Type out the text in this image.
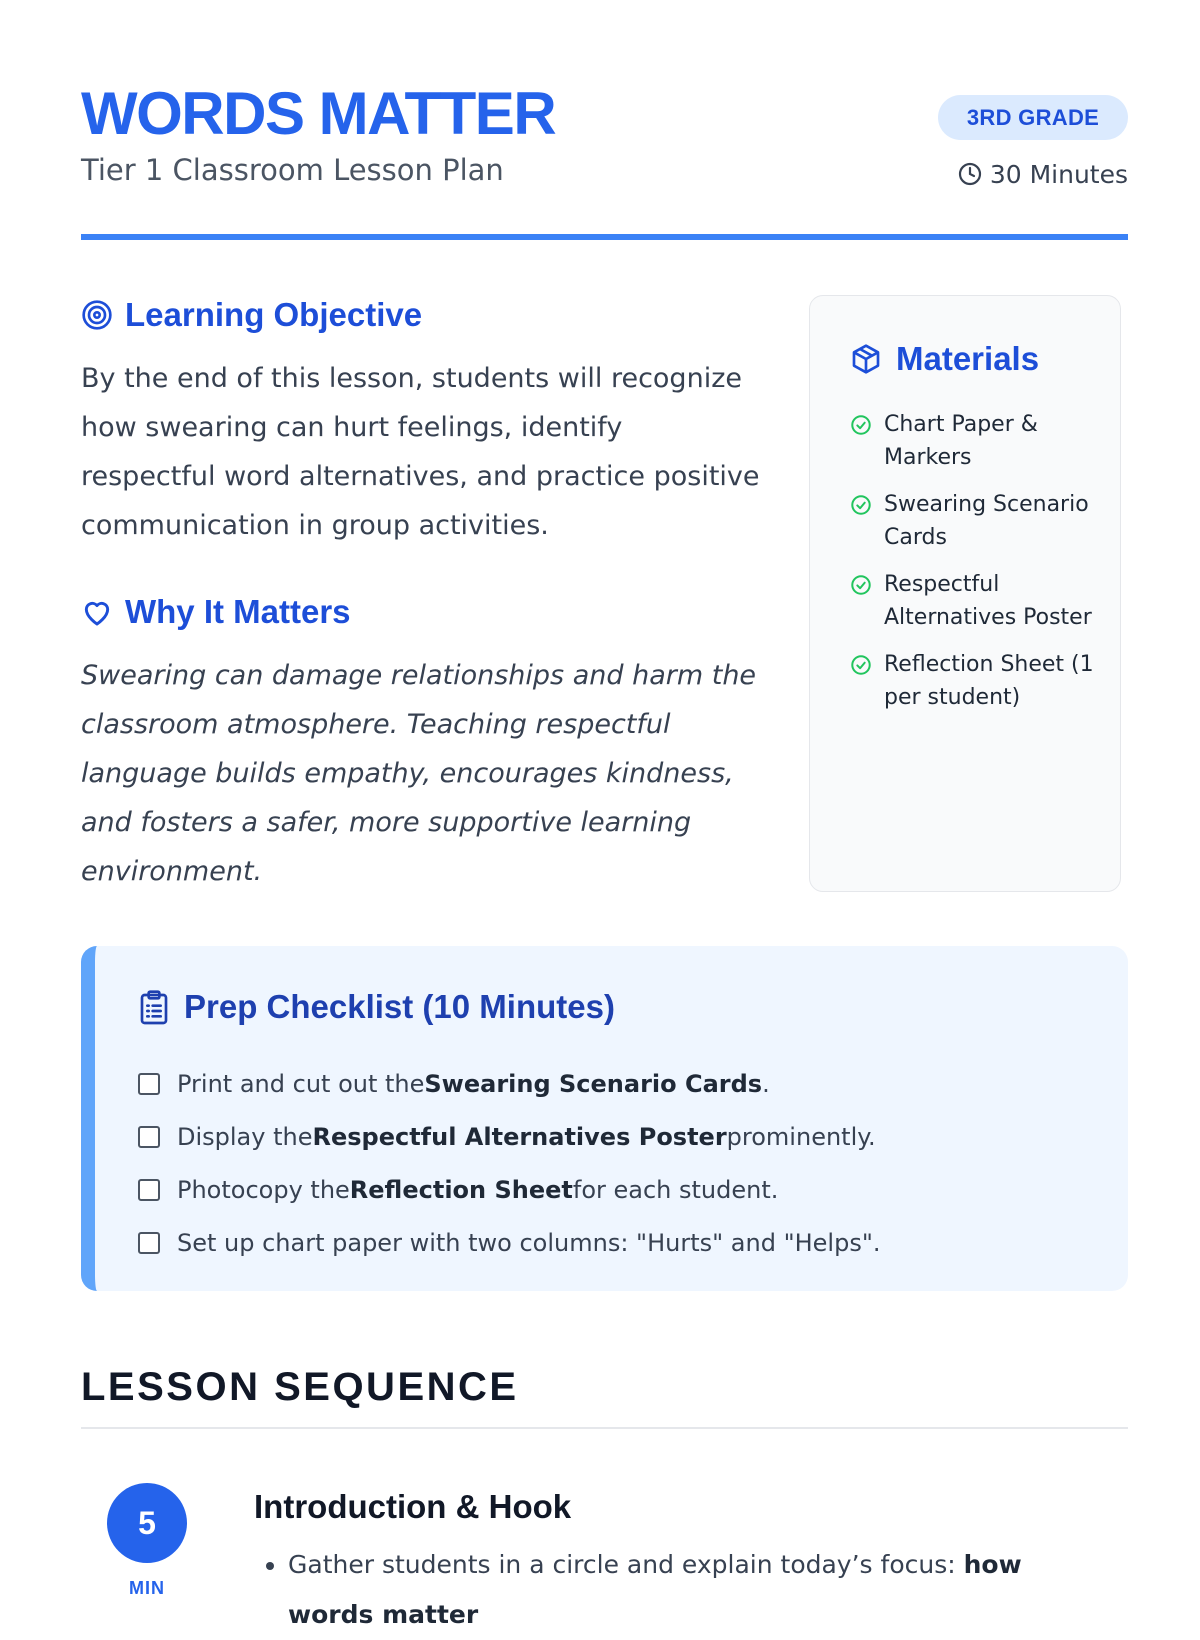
WORDS MATTER
Tier 1 Classroom Lesson Plan
3RD GRADE
30 Minutes
Learning Objective

By the end of this lesson, students will recognize how swearing can hurt feelings, identify respectful word alternatives, and practice positive communication in group activities.

Why It Matters

Swearing can damage relationships and harm the classroom atmosphere. Teaching respectful language builds empathy, encourages kindness, and fosters a safer, more supportive learning environment.

Materials
Chart Paper & Markers
Swearing Scenario Cards
Respectful Alternatives Poster
Reflection Sheet (1 per student)
Prep Checklist (10 Minutes)
Print and cut out the Swearing Scenario Cards .
Display the Respectful Alternatives Poster prominently.
Photocopy the Reflection Sheet for each student.
Set up chart paper with two columns: "Hurts" and "Helps".
LESSON SEQUENCE
5
MIN
Introduction & Hook
• Gather students in a circle and explain today’s focus: how words matter
